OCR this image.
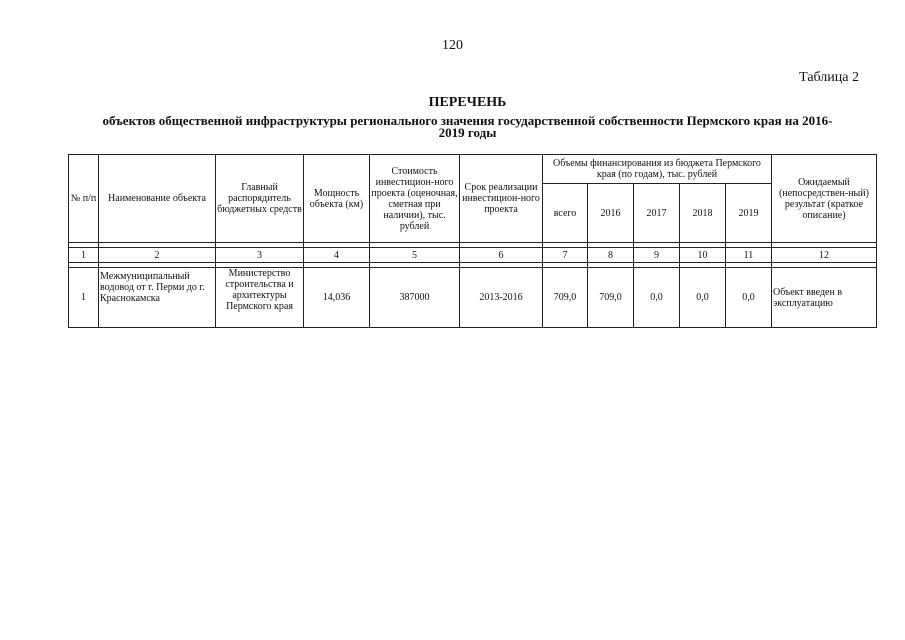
120
Таблица 2
ПЕРЕЧЕНЬ
объектов общественной инфраструктуры регионального значения государственной собственности Пермского края на 2016-2019 годы
№ п/п	Наименование объекта	Главный распорядитель бюджетных средств	Мощность объекта (км)	Стоимость инвестицион-ного проекта (оценочная, сметная при наличии), тыс. рублей	Срок реализации инвестицион-ного проекта	Объемы финансирования из бюджета Пермского края (по годам), тыс. рублей					Ожидаемый (непосредствен-ный) результат (краткое описание)
						всего	2016	2017	2018	2019	

1	2	3	4	5	6	7	8	9	10	11	12

1	Межмуниципальный водовод от г. Перми до г. Краснокамска	Министерство строительства и архитектуры Пермского края	14,036	387000	2013-2016	709,0	709,0	0,0	0,0	0,0	Объект введен в эксплуатацию
